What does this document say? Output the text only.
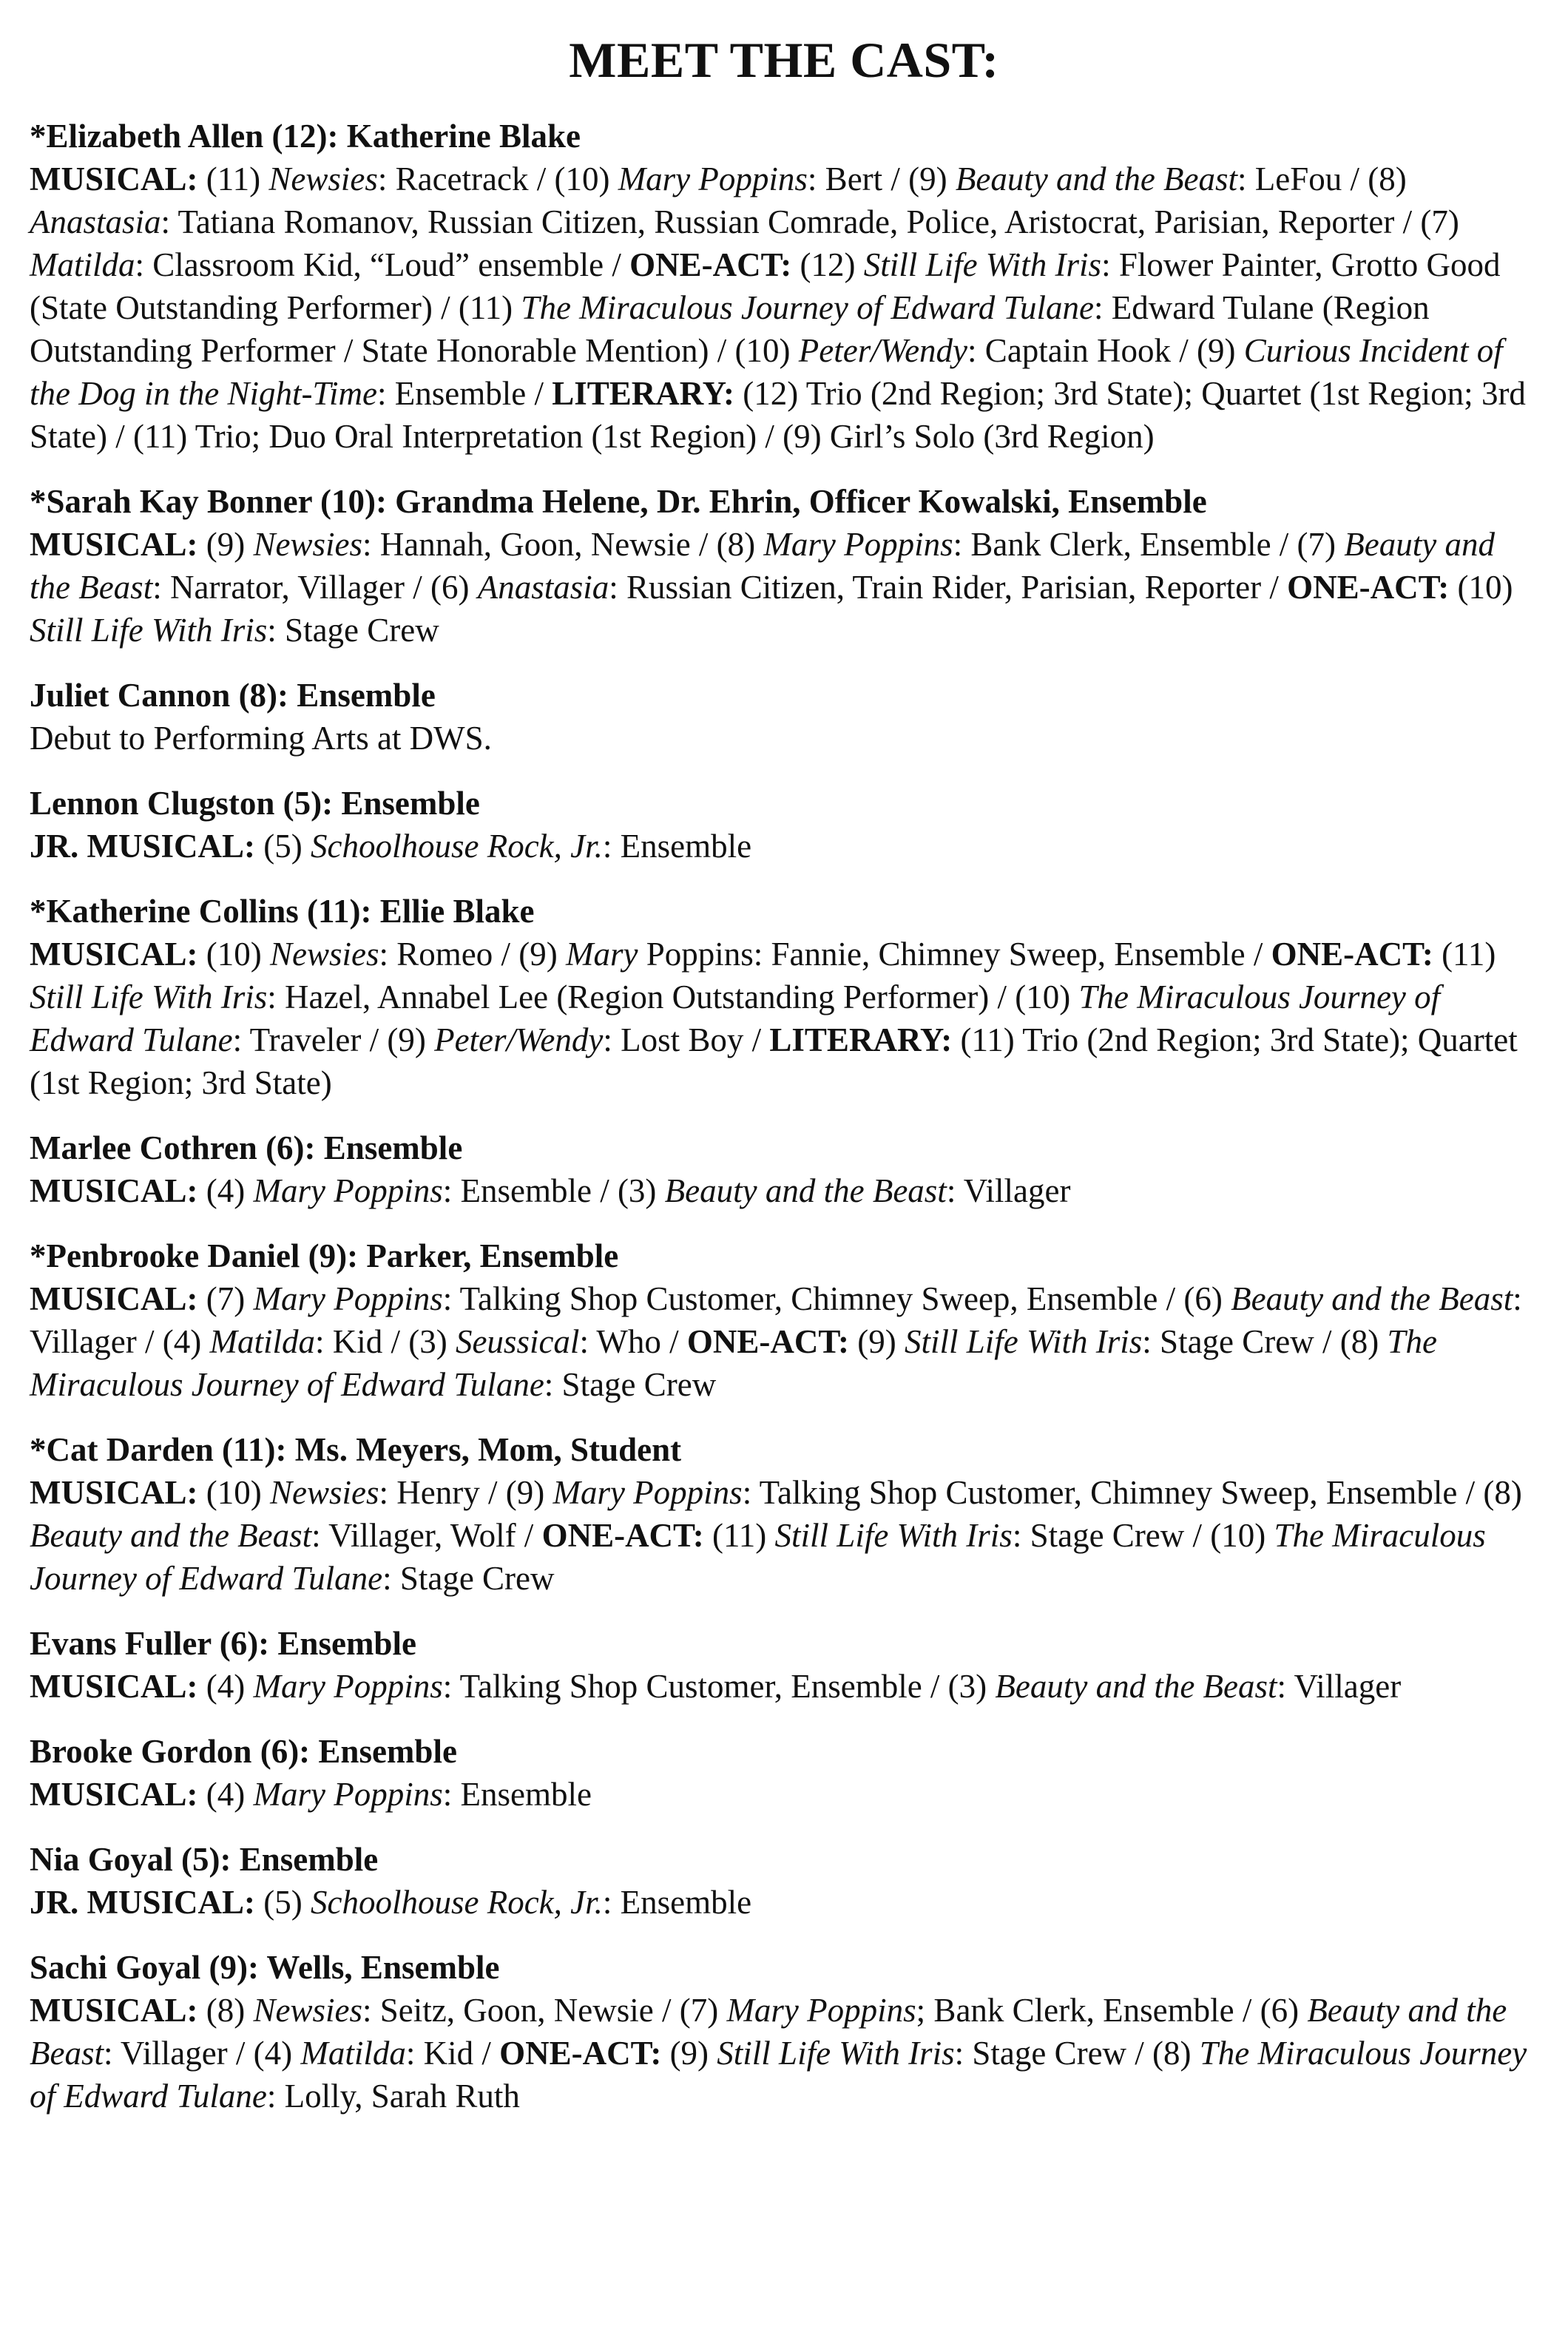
MEET THE CAST:

*Elizabeth Allen (12): Katherine Blake

MUSICAL: (11) Newsies: Racetrack / (10) Mary Poppins: Bert / (9) Beauty and the Beast: LeFou / (8) Anastasia: Tatiana Romanov, Russian Citizen, Russian Comrade, Police, Aristocrat, Parisian, Reporter / (7) Matilda: Classroom Kid, “Loud” ensemble / ONE-ACT: (12) Still Life With Iris: Flower Painter, Grotto Good (State Outstanding Performer) / (11) The Miraculous Journey of Edward Tulane: Edward Tulane (Region Outstanding Performer / State Honorable Mention) / (10) Peter/Wendy: Captain Hook / (9) Curious Incident of the Dog in the Night-Time: Ensemble / LITERARY: (12) Trio (2nd Region; 3rd State); Quartet (1st Region; 3rd State) / (11) Trio; Duo Oral Interpretation (1st Region) / (9) Girl’s Solo (3rd Region)

*Sarah Kay Bonner (10): Grandma Helene, Dr. Ehrin, Officer Kowalski, Ensemble

MUSICAL: (9) Newsies: Hannah, Goon, Newsie / (8) Mary Poppins: Bank Clerk, Ensemble / (7) Beauty and the Beast: Narrator, Villager / (6) Anastasia: Russian Citizen, Train Rider, Parisian, Reporter / ONE-ACT: (10) Still Life With Iris: Stage Crew

Juliet Cannon (8): Ensemble

Debut to Performing Arts at DWS.

Lennon Clugston (5): Ensemble

JR. MUSICAL: (5) Schoolhouse Rock, Jr.: Ensemble

*Katherine Collins (11): Ellie Blake

MUSICAL: (10) Newsies: Romeo / (9) Mary Poppins: Fannie, Chimney Sweep, Ensemble / ONE-ACT: (11) Still Life With Iris: Hazel, Annabel Lee (Region Outstanding Performer) / (10) The Miraculous Journey of Edward Tulane: Traveler / (9) Peter/Wendy: Lost Boy / LITERARY: (11) Trio (2nd Region; 3rd State); Quartet (1st Region; 3rd State)

Marlee Cothren (6): Ensemble

MUSICAL: (4) Mary Poppins: Ensemble / (3) Beauty and the Beast: Villager

*Penbrooke Daniel (9): Parker, Ensemble

MUSICAL: (7) Mary Poppins: Talking Shop Customer, Chimney Sweep, Ensemble / (6) Beauty and the Beast: Villager / (4) Matilda: Kid / (3) Seussical: Who / ONE-ACT: (9) Still Life With Iris: Stage Crew / (8) The Miraculous Journey of Edward Tulane: Stage Crew

*Cat Darden (11): Ms. Meyers, Mom, Student

MUSICAL: (10) Newsies: Henry / (9) Mary Poppins: Talking Shop Customer, Chimney Sweep, Ensemble / (8) Beauty and the Beast: Villager, Wolf / ONE-ACT: (11) Still Life With Iris: Stage Crew / (10) The Miraculous Journey of Edward Tulane: Stage Crew

Evans Fuller (6): Ensemble

MUSICAL: (4) Mary Poppins: Talking Shop Customer, Ensemble / (3) Beauty and the Beast: Villager

Brooke Gordon (6): Ensemble

MUSICAL: (4) Mary Poppins: Ensemble

Nia Goyal (5): Ensemble

JR. MUSICAL: (5) Schoolhouse Rock, Jr.: Ensemble

Sachi Goyal (9): Wells, Ensemble

MUSICAL: (8) Newsies: Seitz, Goon, Newsie / (7) Mary Poppins; Bank Clerk, Ensemble / (6) Beauty and the Beast: Villager / (4) Matilda: Kid / ONE-ACT: (9) Still Life With Iris: Stage Crew / (8) The Miraculous Journey of Edward Tulane: Lolly, Sarah Ruth
